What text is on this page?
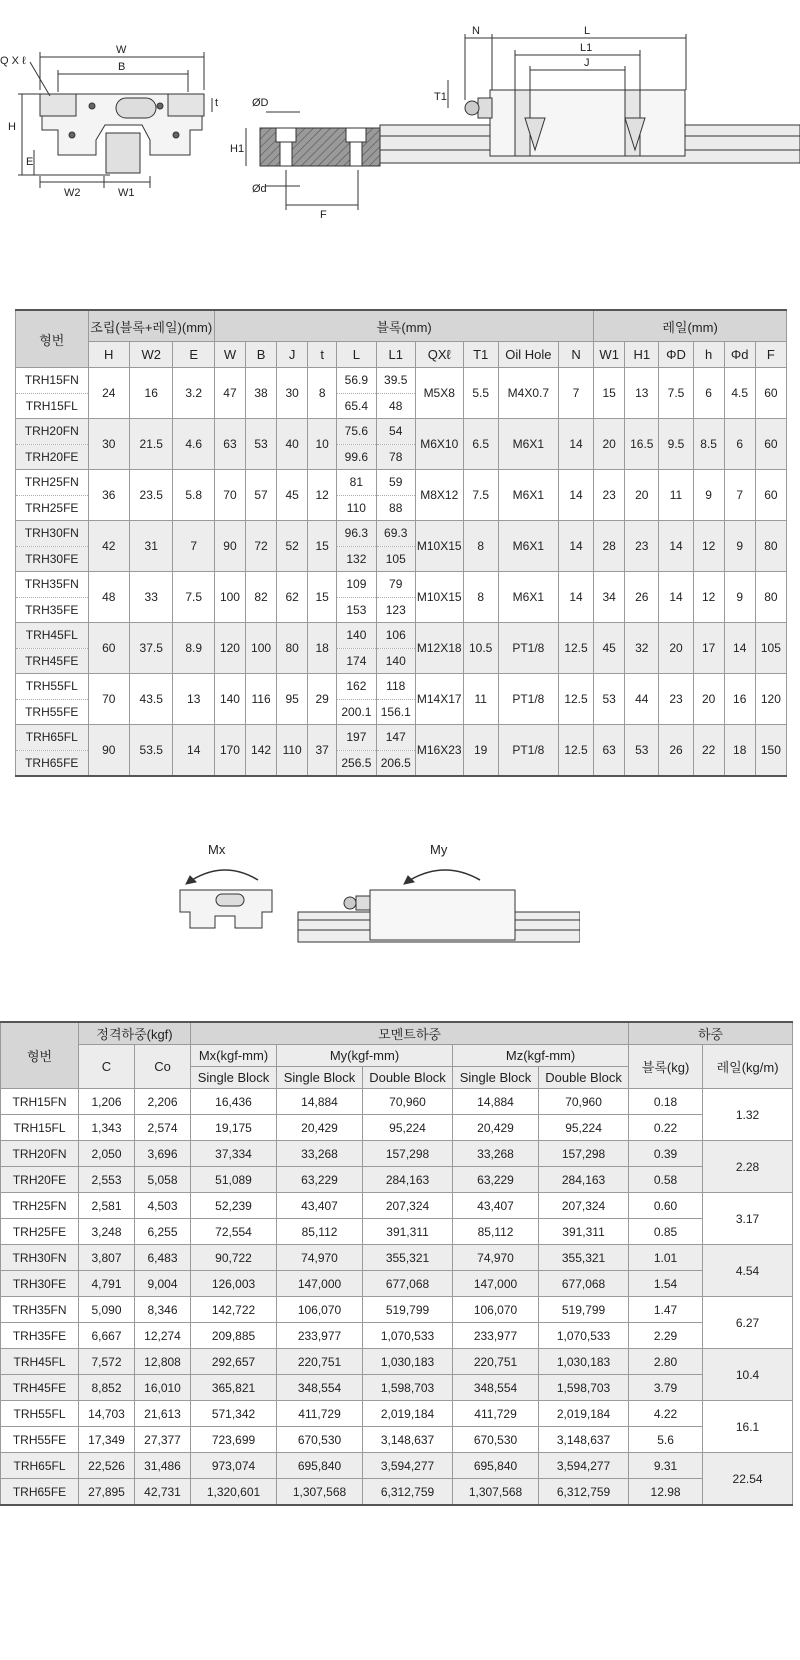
Q X ℓ
W
B
H
t
E
W2	W1
ØD
H1
Ød
F
N	L
L1
J
T1
형번	조립(블록+레일)(mm)			블록(mm)										레일(mm)					
	H	W2	E	W	B	J	t	L	L1	QXℓ	T1	Oil Hole	N	W1	H1	ΦD	h	Φd	F
TRH15FN	24	16	3.2	47	38	30	8	56.9	39.5	M5X8	5.5	M4X0.7	7	15	13	7.5	6	4.5	60
TRH15FL								65.4	48										
TRH20FN	30	21.5	4.6	63	53	40	10	75.6	54	M6X10	6.5	M6X1	14	20	16.5	9.5	8.5	6	60
TRH20FE								99.6	78										
TRH25FN	36	23.5	5.8	70	57	45	12	81	59	M8X12	7.5	M6X1	14	23	20	11	9	7	60
TRH25FE								110	88										
TRH30FN	42	31	7	90	72	52	15	96.3	69.3	M10X15	8	M6X1	14	28	23	14	12	9	80
TRH30FE								132	105										
TRH35FN	48	33	7.5	100	82	62	15	109	79	M10X15	8	M6X1	14	34	26	14	12	9	80
TRH35FE								153	123										
TRH45FL	60	37.5	8.9	120	100	80	18	140	106	M12X18	10.5	PT1/8	12.5	45	32	20	17	14	105
TRH45FE								174	140										
TRH55FL	70	43.5	13	140	116	95	29	162	118	M14X17	11	PT1/8	12.5	53	44	23	20	16	120
TRH55FE								200.1	156.1										
TRH65FL	90	53.5	14	170	142	110	37	197	147	M16X23	19	PT1/8	12.5	63	53	26	22	18	150
TRH65FE								256.5	206.5										
Mx	My
형번	정격하중(kgf)		모멘트하중					하중	
	C	Co	Mx(kgf-mm)	My(kgf-mm)		Mz(kgf-mm)		블록(kg)	레일(kg/m)
			Single Block	Single Block	Double Block	Single Block	Double Block		
TRH15FN	1,206	2,206	16,436	14,884	70,960	14,884	70,960	0.18	1.32
TRH15FL	1,343	2,574	19,175	20,429	95,224	20,429	95,224	0.22	
TRH20FN	2,050	3,696	37,334	33,268	157,298	33,268	157,298	0.39	2.28
TRH20FE	2,553	5,058	51,089	63,229	284,163	63,229	284,163	0.58	
TRH25FN	2,581	4,503	52,239	43,407	207,324	43,407	207,324	0.60	3.17
TRH25FE	3,248	6,255	72,554	85,112	391,311	85,112	391,311	0.85	
TRH30FN	3,807	6,483	90,722	74,970	355,321	74,970	355,321	1.01	4.54
TRH30FE	4,791	9,004	126,003	147,000	677,068	147,000	677,068	1.54	
TRH35FN	5,090	8,346	142,722	106,070	519,799	106,070	519,799	1.47	6.27
TRH35FE	6,667	12,274	209,885	233,977	1,070,533	233,977	1,070,533	2.29	
TRH45FL	7,572	12,808	292,657	220,751	1,030,183	220,751	1,030,183	2.80	10.4
TRH45FE	8,852	16,010	365,821	348,554	1,598,703	348,554	1,598,703	3.79	
TRH55FL	14,703	21,613	571,342	411,729	2,019,184	411,729	2,019,184	4.22	16.1
TRH55FE	17,349	27,377	723,699	670,530	3,148,637	670,530	3,148,637	5.6	
TRH65FL	22,526	31,486	973,074	695,840	3,594,277	695,840	3,594,277	9.31	22.54
TRH65FE	27,895	42,731	1,320,601	1,307,568	6,312,759	1,307,568	6,312,759	12.98	
